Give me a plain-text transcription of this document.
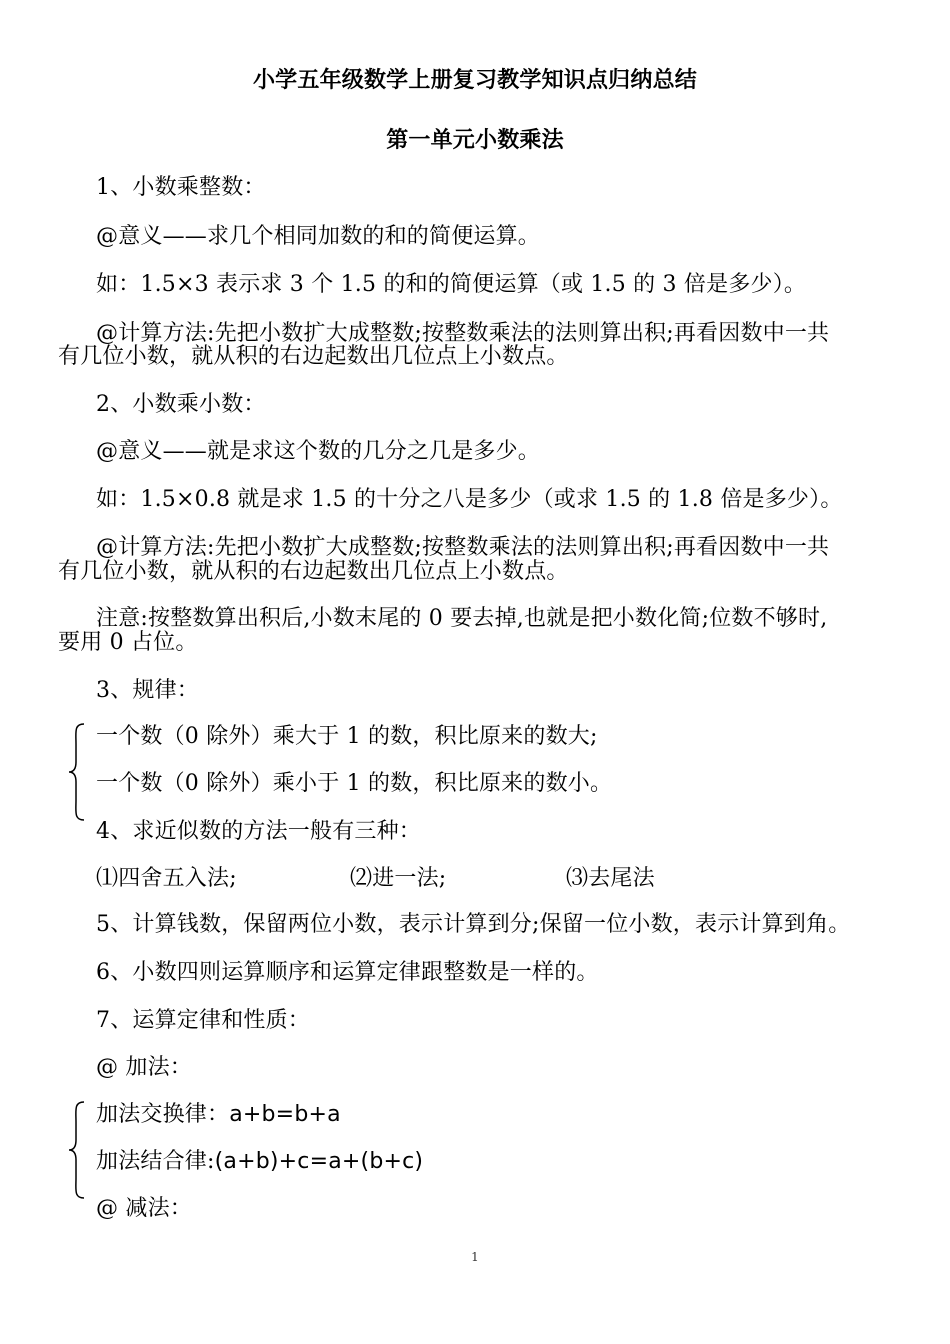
小学五年级数学上册复习教学知识点归纳总结
第一单元小数乘法
1、小数乘整数：
@意义——求几个相同加数的和的简便运算。
如：1.5×3 表示求 3 个 1.5 的和的简便运算（或 1.5 的 3 倍是多少）。
@计算方法:先把小数扩大成整数;按整数乘法的法则算出积;再看因数中一共
有几位小数，就从积的右边起数出几位点上小数点。
2、小数乘小数：
@意义——就是求这个数的几分之几是多少。
如：1.5×0.8 就是求 1.5 的十分之八是多少（或求 1.5 的 1.8 倍是多少）。
@计算方法:先把小数扩大成整数;按整数乘法的法则算出积;再看因数中一共
有几位小数，就从积的右边起数出几位点上小数点。
注意:按整数算出积后,小数末尾的 0 要去掉,也就是把小数化简;位数不够时,
要用 0 占位。
3、规律：
一个数（0 除外）乘大于 1 的数，积比原来的数大;
一个数（0 除外）乘小于 1 的数，积比原来的数小。
4、求近似数的方法一般有三种：
⑴四舍五入法;	⑵进一法;	⑶去尾法
5、计算钱数，保留两位小数，表示计算到分;保留一位小数，表示计算到角。
6、小数四则运算顺序和运算定律跟整数是一样的。
7、运算定律和性质：
@ 加法：
加法交换律：a+b=b+a
加法结合律:(a+b)+c=a+(b+c)
@ 减法：
1
